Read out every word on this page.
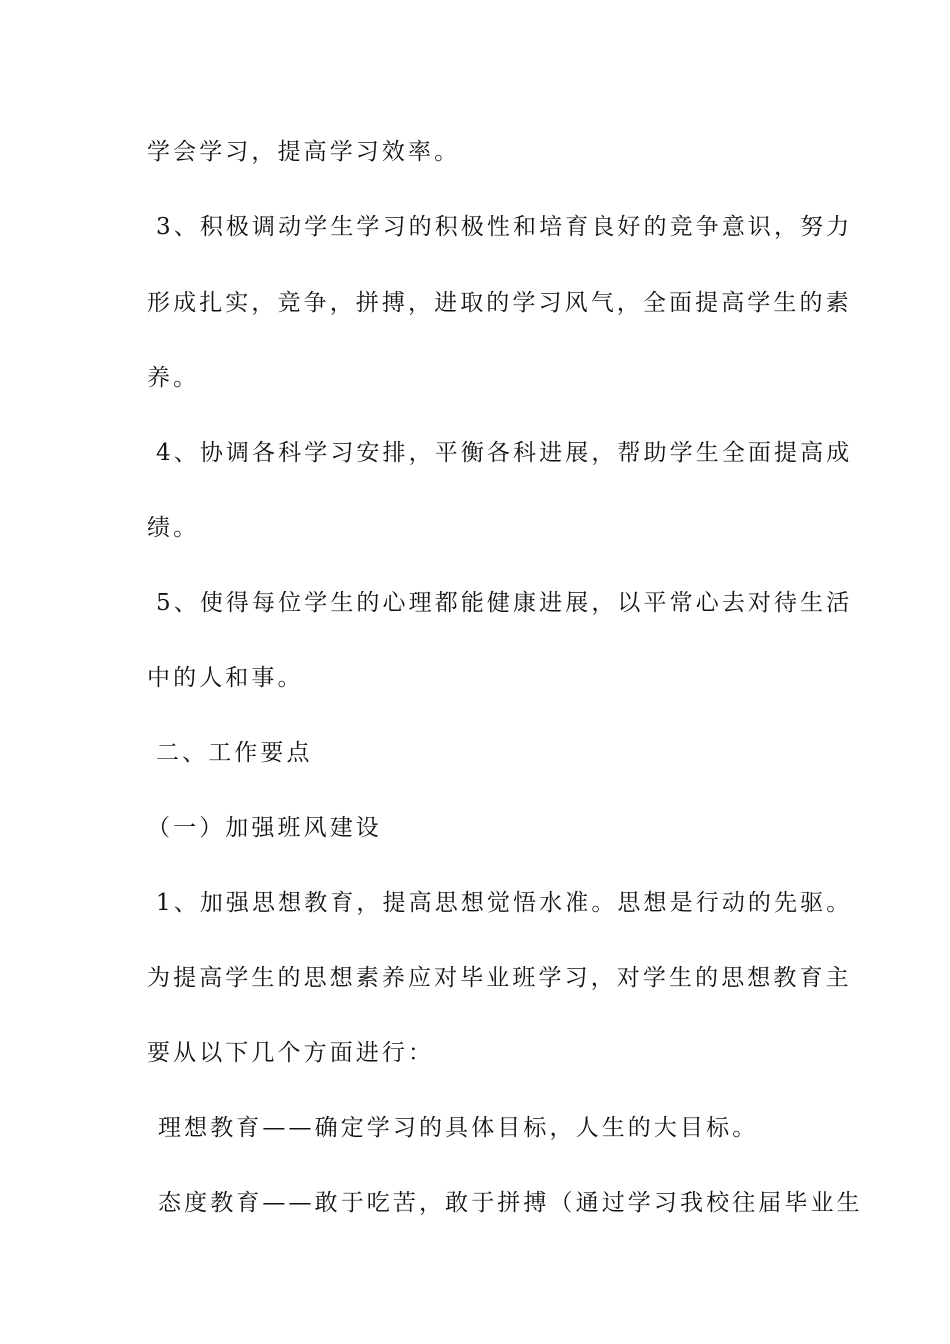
学会学习，提高学习效率。
3、积极调动学生学习的积极性和培育良好的竞争意识，努力
形成扎实，竞争，拼搏，进取的学习风气，全面提高学生的素
养。
4、协调各科学习安排，平衡各科进展，帮助学生全面提高成
绩。
5、使得每位学生的心理都能健康进展，以平常心去对待生活
中的人和事。
二、工作要点
（一）加强班风建设
1、加强思想教育，提高思想觉悟水准。思想是行动的先驱。
为提高学生的思想素养应对毕业班学习，对学生的思想教育主
要从以下几个方面进行：
理想教育——确定学习的具体目标，人生的大目标。
态度教育——敢于吃苦，敢于拼搏（通过学习我校往届毕业生
